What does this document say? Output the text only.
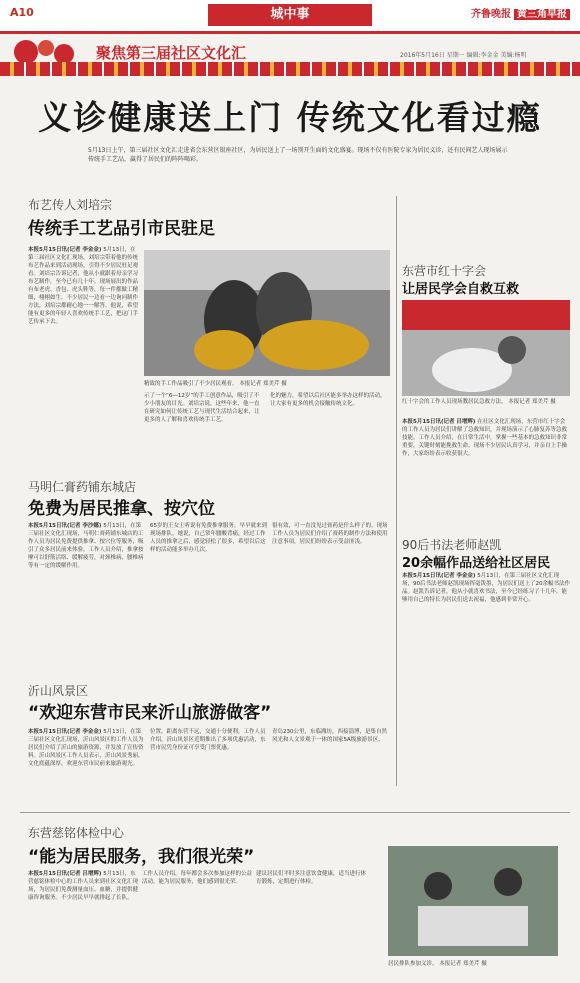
A10	城中事	齐鲁晚报 黄三角早报
聚焦第三届社区文化汇	2016年5月16日 星期一 编辑:李金金 美编:杨明
义诊健康送上门 传统文化看过瘾
5月13日上午，第三届社区文化汇走进省会东营区银座社区，为居民送上了一场别开生面的文化盛宴。现场不仅有医院专家为居民义诊，还有民间艺人现场展示传统手工艺品，赢得了居民们的阵阵喝彩。
布艺传人刘培宗
传统手工艺品引市民驻足
本报5月15日讯(记者 李金金) 5月13日，在第三届社区文化汇现场，刘培宗带着他的传统布艺作品来到活动现场，引得不少居民驻足观看。刘培宗告诉记者，他从小就跟着母亲学习布艺制作，至今已有几十年。现场展出的作品有布老虎、香包、虎头鞋等，每一件都做工精细，栩栩如生。不少居民一边看一边询问制作方法，刘培宗都耐心地一一解答。他说，希望能有更多的年轻人喜欢传统手工艺，把这门手艺传承下去。
精致的手工作品吸引了不少居民观看。 本报记者 郑美芹 摄
示了一个“6—12岁”的手工创意作品，吸引了不少小朋友的目光。刘培宗说，这些年来，他一直在研究如何让传统工艺与现代生活结合起来，让更多的人了解和喜欢传统手工艺。
化的魅力，希望以后社区能多举办这样的活动，让大家有更多的机会接触传统文化。
东营市红十字会
让居民学会自救互救
红十字会的工作人员现场教居民急救方法。 本报记者 郑美芹 摄
本报5月15日讯(记者 吕增辉) 在社区文化汇现场，东营市红十字会的工作人员为居民们讲解了急救知识，并现场演示了心肺复苏等急救技能。工作人员介绍，在日常生活中，掌握一些基本的急救知识非常重要，关键时刻能挽救生命。现场不少居民认真学习，并亲自上手操作，大家纷纷表示收获很大。
90后书法老师赵凯
20余幅作品送给社区居民
本报5月15日讯(记者 李金金) 5月13日，在第三届社区文化汇现场，90后书法老师赵凯现场挥毫泼墨，为居民们送上了20余幅书法作品。赵凯告诉记者，他从小就喜欢书法，至今已经练习了十几年。能够用自己的特长为居民们送去祝福，他感到非常开心。
马明仁膏药铺东城店
免费为居民推拿、按穴位
本报5月15日讯(记者 李沙娜) 5月13日，在第三届社区文化汇现场，马明仁膏药铺东城店的工作人员为居民免费提供推拿、按穴位等服务，吸引了众多居民前来体验。工作人员介绍，推拿按摩可以舒筋活络、缓解疲劳，对颈椎病、腰椎病等有一定的缓解作用。
65岁的王女士听说有免费推拿服务，早早就来到现场排队。她说，自己常年腰酸背痛，经过工作人员的推拿之后，感觉轻松了很多，希望以后这样的活动能多举办几次。
很有效，可一直没见过膏药是什么样子的。现场工作人员为居民们介绍了膏药的制作方法和使用注意事项，居民们纷纷表示受益匪浅。
沂山风景区
“欢迎东营市民来沂山旅游做客”
本报5月15日讯(记者 李金金) 5月13日，在第三届社区文化汇现场，沂山风景区的工作人员为居民们介绍了沂山的旅游资源，并发放了宣传资料。沂山风景区工作人员表示，沂山风景秀丽，文化底蕴深厚，欢迎东营市民前来旅游观光。
位置，距离东营不远，交通十分便利。工作人员介绍，沂山风景区近期推出了多项优惠活动，东营市民凭身份证可享受门票优惠。
青岛230公里，东临潍坊，西接淄博，是集自然风光和人文景观于一体的国家5A级旅游景区。
东营慈铭体检中心
“能为居民服务，我们很光荣”
本报5月15日讯(记者 吕增辉) 5月13日，东营慈铭体检中心的工作人员来到社区文化汇现场，为居民们免费测量血压、血糖，并提供健康咨询服务。不少居民早早就排起了长队。
工作人员介绍，每年都会多次参加这样的公益活动，能为居民服务，他们感到很光荣。
建议居民们平时多注意饮食健康，适当进行体育锻炼，定期进行体检。
居民排队参加义诊。 本报记者 郑美芹 摄
